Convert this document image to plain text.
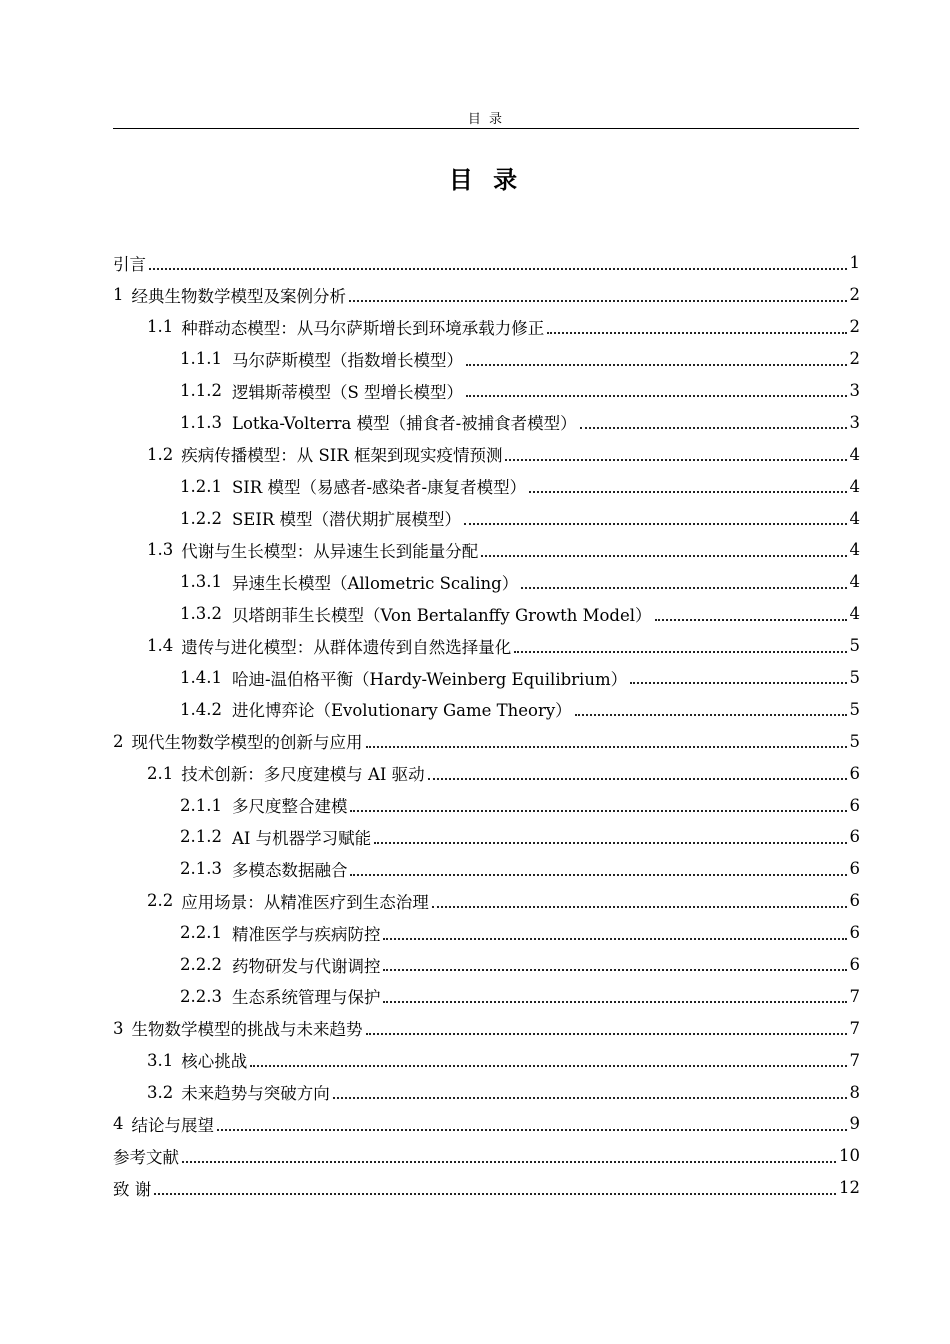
目 录
目 录
引言	1
1 经典生物数学模型及案例分析	2
1.1 种群动态模型：从马尔萨斯增长到环境承载力修正	2
1.1.1 马尔萨斯模型（指数增长模型）	2
1.1.2 逻辑斯蒂模型（S 型增长模型）	3
1.1.3 Lotka-Volterra 模型（捕食者-被捕食者模型）	3
1.2 疾病传播模型：从 SIR 框架到现实疫情预测	4
1.2.1 SIR 模型（易感者-感染者-康复者模型）	4
1.2.2 SEIR 模型（潜伏期扩展模型）	4
1.3 代谢与生长模型：从异速生长到能量分配	4
1.3.1 异速生长模型（Allometric Scaling）	4
1.3.2 贝塔朗菲生长模型（Von Bertalanffy Growth Model）	4
1.4 遗传与进化模型：从群体遗传到自然选择量化	5
1.4.1 哈迪-温伯格平衡（Hardy-Weinberg Equilibrium）	5
1.4.2 进化博弈论（Evolutionary Game Theory）	5
2 现代生物数学模型的创新与应用	5
2.1 技术创新：多尺度建模与 AI 驱动	6
2.1.1 多尺度整合建模	6
2.1.2 AI 与机器学习赋能	6
2.1.3 多模态数据融合	6
2.2 应用场景：从精准医疗到生态治理	6
2.2.1 精准医学与疾病防控	6
2.2.2 药物研发与代谢调控	6
2.2.3 生态系统管理与保护	7
3 生物数学模型的挑战与未来趋势	7
3.1 核心挑战	7
3.2 未来趋势与突破方向	8
4 结论与展望	9
参考文献	10
致 谢	12
